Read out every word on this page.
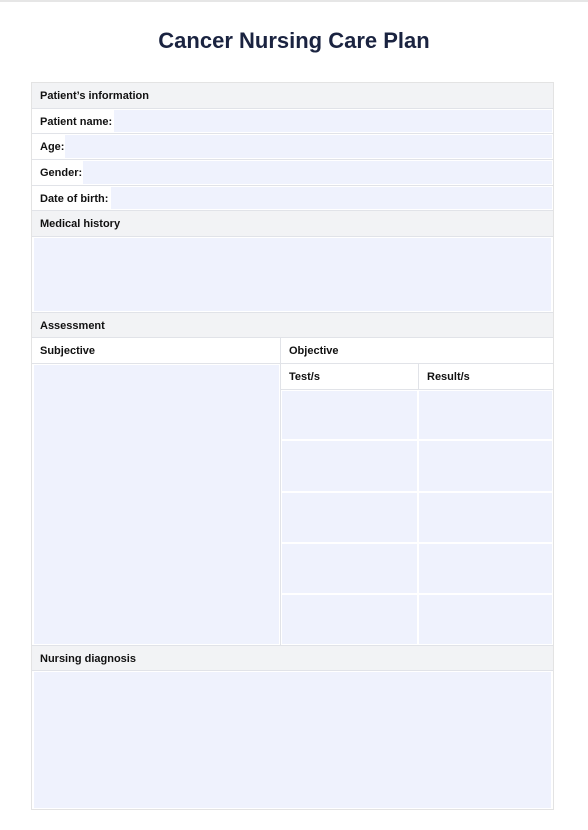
Cancer Nursing Care Plan
Patient’s information
Patient name:
Age:
Gender:
Date of birth:
Medical history
Assessment
Subjective	Objective
Test/s	Result/s
Nursing diagnosis
